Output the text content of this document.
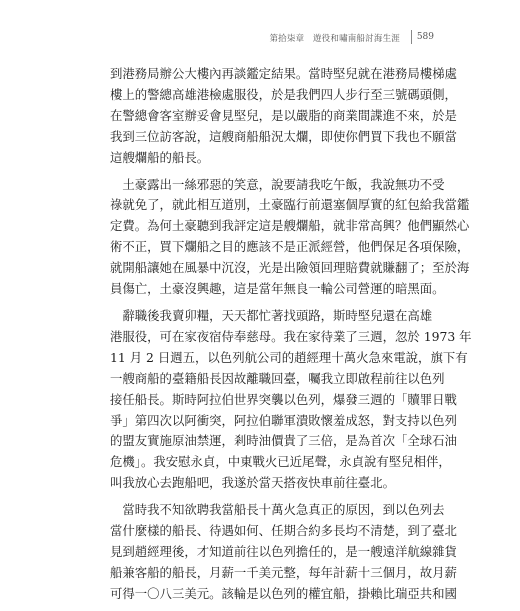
第拾柒章　遊役和嘯南船討海生涯 589

到港務局辦公大樓內再談鑑定結果。當時堅兒就在港務局樓梯處
樓上的警總高雄港檢處服役，於是我們四人步行至三號碼頭側，
在警總會客室辦妥會見堅兒，是以嚴脂的商業間諜進不來，於是
我到三位訪客說，這艘商船船況太爛，即使你們買下我也不願當
這艘爛船的船長。

　土豪露出一絲邪惡的笑意，說要請我吃午飯，我說無功不受
祿就免了，就此相互道別，土豪臨行前還塞個厚實的紅包給我當鑑
定費。為何土豪聽到我評定這是艘爛船，就非常高興？他們顯然心
術不正，買下爛船之目的應該不是正派經營，他們保足各項保險，
就開船讓她在風暴中沉沒，光是出險領回理賠費就賺翻了；至於海
員傷亡，土豪沒興趣，這是當年無良一輪公司營運的暗黑面。

　辭職後我賣卯糧，天天都忙著找頭路，斯時堅兒還在高雄
港服役，可在家夜宿侍奉慈母。我在家待業了三週，忽於 1973 年
11 月 2 日週五，以色列航公司的趙經理十萬火急來電說，旗下有
一艘商船的臺籍船長因故離職回臺，囑我立即啟程前往以色列
接任船長。斯時阿拉伯世界突襲以色列，爆發三週的「贖罪日戰
爭」第四次以阿衝突，阿拉伯聯軍潰敗懷羞成怒，對支持以色列
的盟友實施原油禁運，剎時油價貴了三倍，是為首次「全球石油
危機」。我安慰永貞，中東戰火已近尾聲，永貞說有堅兒相伴，
叫我放心去跑船吧，我遂於當天搭夜快車前往臺北。

　當時我不知欲聘我當船長十萬火急真正的原因，到以色列去
當什麼樣的船長、待遇如何、任期合約多長均不清楚，到了臺北
見到趙經理後，才知道前往以色列擔任的，是一艘遠洋航線雜貨
船兼客船的船長，月薪一千美元整，每年計薪十三個月，故月薪
可得一〇八三美元。該輪是以色列的權宜船，掛賴比瑞亞共和國
